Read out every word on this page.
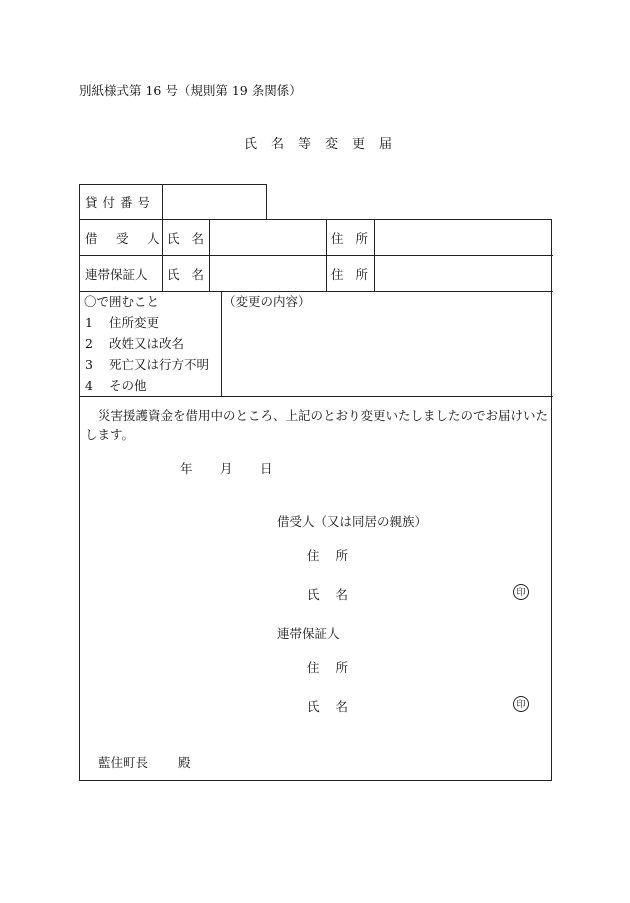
別紙様式第 16 号（規則第 19 条関係）
氏名等変更届
貸付番号
借　受　人 氏 名	住 所
連帯保証人 氏 名	住 所
〇で囲むこと
1 住所変更
2 改姓又は改名
3 死亡又は行方不明
4 その他
（変更の内容）
災害援護資金を借用中のところ、上記のとおり変更いたしましたのでお届けいたします。
年 月 日
借受人（又は同居の親族）
住 所
氏 名	印
連帯保証人
住 所
氏 名	印
藍住町長 殿
